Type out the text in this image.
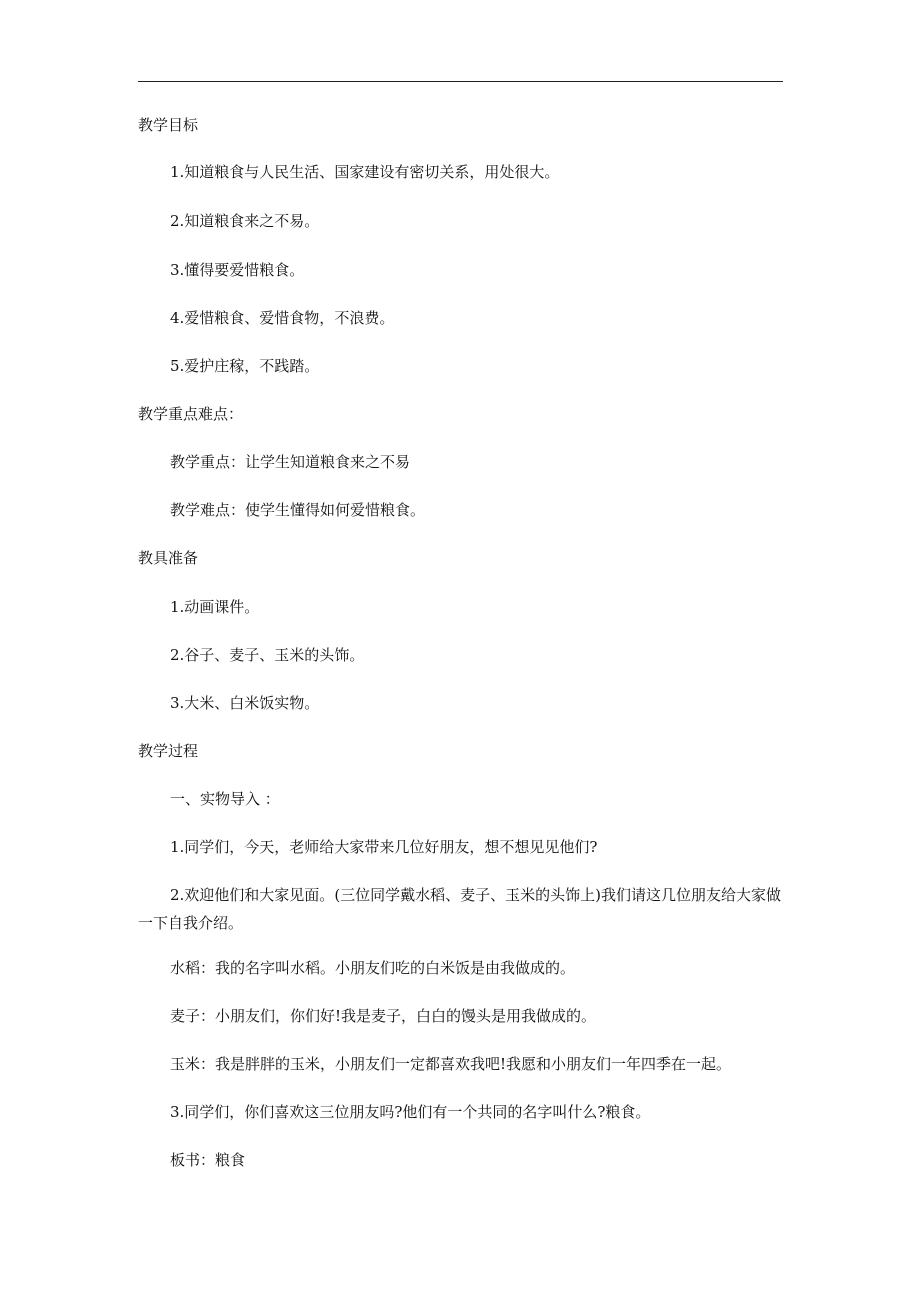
教学目标

1.知道粮食与人民生活、国家建设有密切关系，用处很大。

2.知道粮食来之不易。

3.懂得要爱惜粮食。

4.爱惜粮食、爱惜食物，不浪费。

5.爱护庄稼，不践踏。

教学重点难点：

教学重点：让学生知道粮食来之不易

教学难点：使学生懂得如何爱惜粮食。

教具准备

1.动画课件。

2.谷子、麦子、玉米的头饰。

3.大米、白米饭实物。

教学过程

一、实物导入 ：

1.同学们，今天，老师给大家带来几位好朋友，想不想见见他们?

2.欢迎他们和大家见面。(三位同学戴水稻、麦子、玉米的头饰上)我们请这几位朋友给大家做一下自我介绍。

水稻：我的名字叫水稻。小朋友们吃的白米饭是由我做成的。

麦子：小朋友们，你们好!我是麦子，白白的馒头是用我做成的。

玉米：我是胖胖的玉米，小朋友们一定都喜欢我吧!我愿和小朋友们一年四季在一起。

3.同学们，你们喜欢这三位朋友吗?他们有一个共同的名字叫什么?粮食。

板书：粮食
